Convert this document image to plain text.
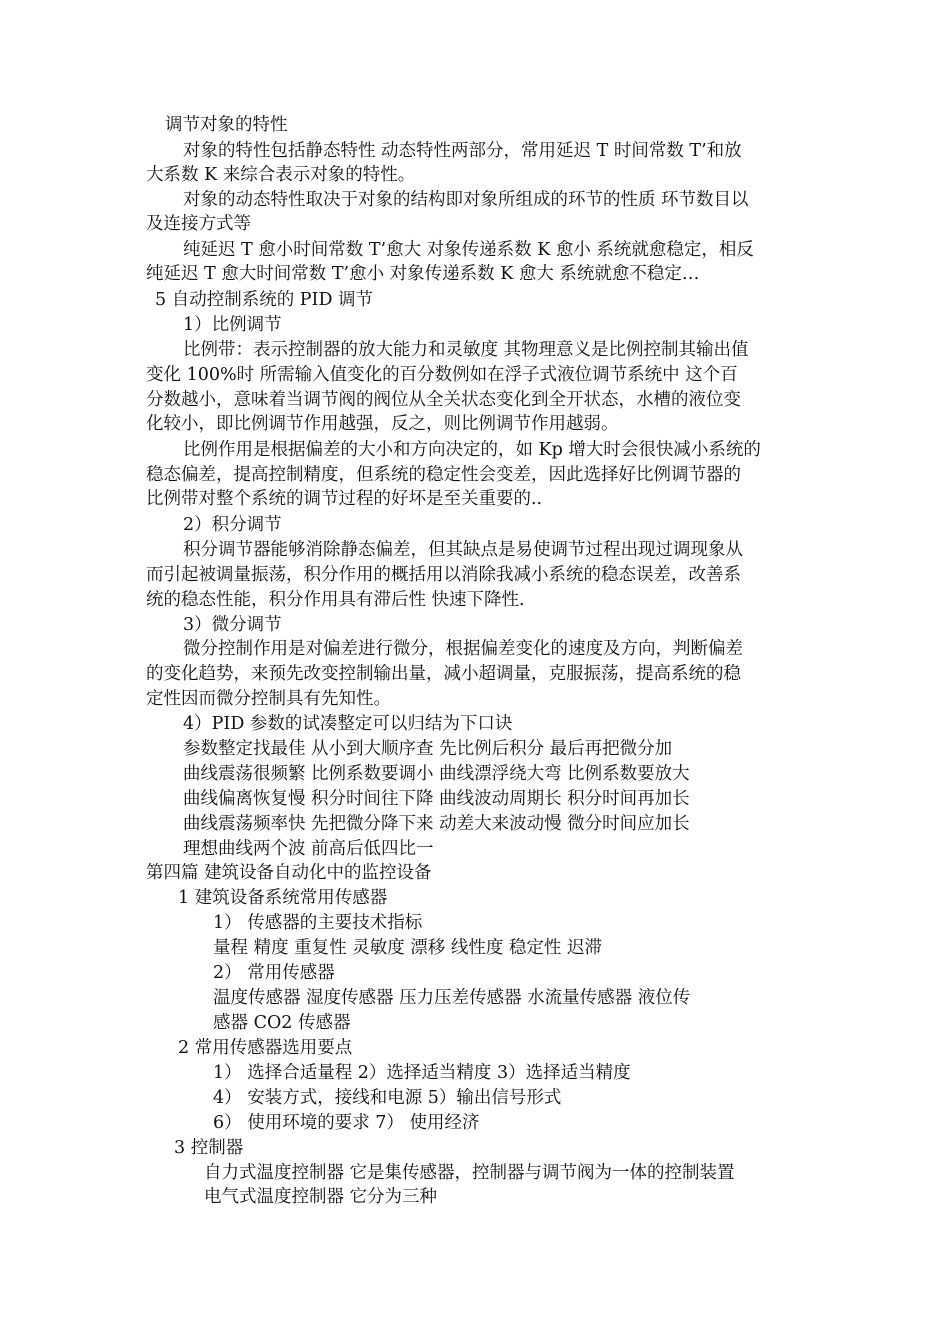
调节对象的特性
对象的特性包括静态特性 动态特性两部分，常用延迟 T 时间常数 T’和放
大系数 K 来综合表示对象的特性。
对象的动态特性取决于对象的结构即对象所组成的环节的性质 环节数目以
及连接方式等
纯延迟 T 愈小时间常数 T’愈大 对象传递系数 K 愈小 系统就愈稳定，相反
纯延迟 T 愈大时间常数 T’愈小 对象传递系数 K 愈大 系统就愈不稳定…
5 自动控制系统的 PID 调节
1）比例调节
比例带：表示控制器的放大能力和灵敏度 其物理意义是比例控制其输出值
变化 100%时 所需输入值变化的百分数例如在浮子式液位调节系统中 这个百
分数越小，意味着当调节阀的阀位从全关状态变化到全开状态，水槽的液位变
化较小，即比例调节作用越强，反之，则比例调节作用越弱。
比例作用是根据偏差的大小和方向决定的，如 Kp 增大时会很快减小系统的
稳态偏差，提高控制精度，但系统的稳定性会变差，因此选择好比例调节器的
比例带对整个系统的调节过程的好坏是至关重要的..
2）积分调节
积分调节器能够消除静态偏差，但其缺点是易使调节过程出现过调现象从
而引起被调量振荡，积分作用的概括用以消除我减小系统的稳态误差，改善系
统的稳态性能，积分作用具有滞后性 快速下降性.
3）微分调节
微分控制作用是对偏差进行微分，根据偏差变化的速度及方向，判断偏差
的变化趋势，来预先改变控制输出量，减小超调量，克服振荡，提高系统的稳
定性因而微分控制具有先知性。
4）PID 参数的试凑整定可以归结为下口诀
参数整定找最佳 从小到大顺序查 先比例后积分 最后再把微分加
曲线震荡很频繁 比例系数要调小 曲线漂浮绕大弯 比例系数要放大
曲线偏离恢复慢 积分时间往下降 曲线波动周期长 积分时间再加长
曲线震荡频率快 先把微分降下来 动差大来波动慢 微分时间应加长
理想曲线两个波 前高后低四比一
第四篇 建筑设备自动化中的监控设备
1 建筑设备系统常用传感器
1） 传感器的主要技术指标
量程 精度 重复性 灵敏度 漂移 线性度 稳定性 迟滞
2） 常用传感器
温度传感器 湿度传感器 压力压差传感器 水流量传感器 液位传
感器 CO2 传感器
2 常用传感器选用要点
1） 选择合适量程 2）选择适当精度 3）选择适当精度
4） 安装方式，接线和电源 5）输出信号形式
6） 使用环境的要求 7） 使用经济
3 控制器
自力式温度控制器 它是集传感器，控制器与调节阀为一体的控制装置
电气式温度控制器 它分为三种
